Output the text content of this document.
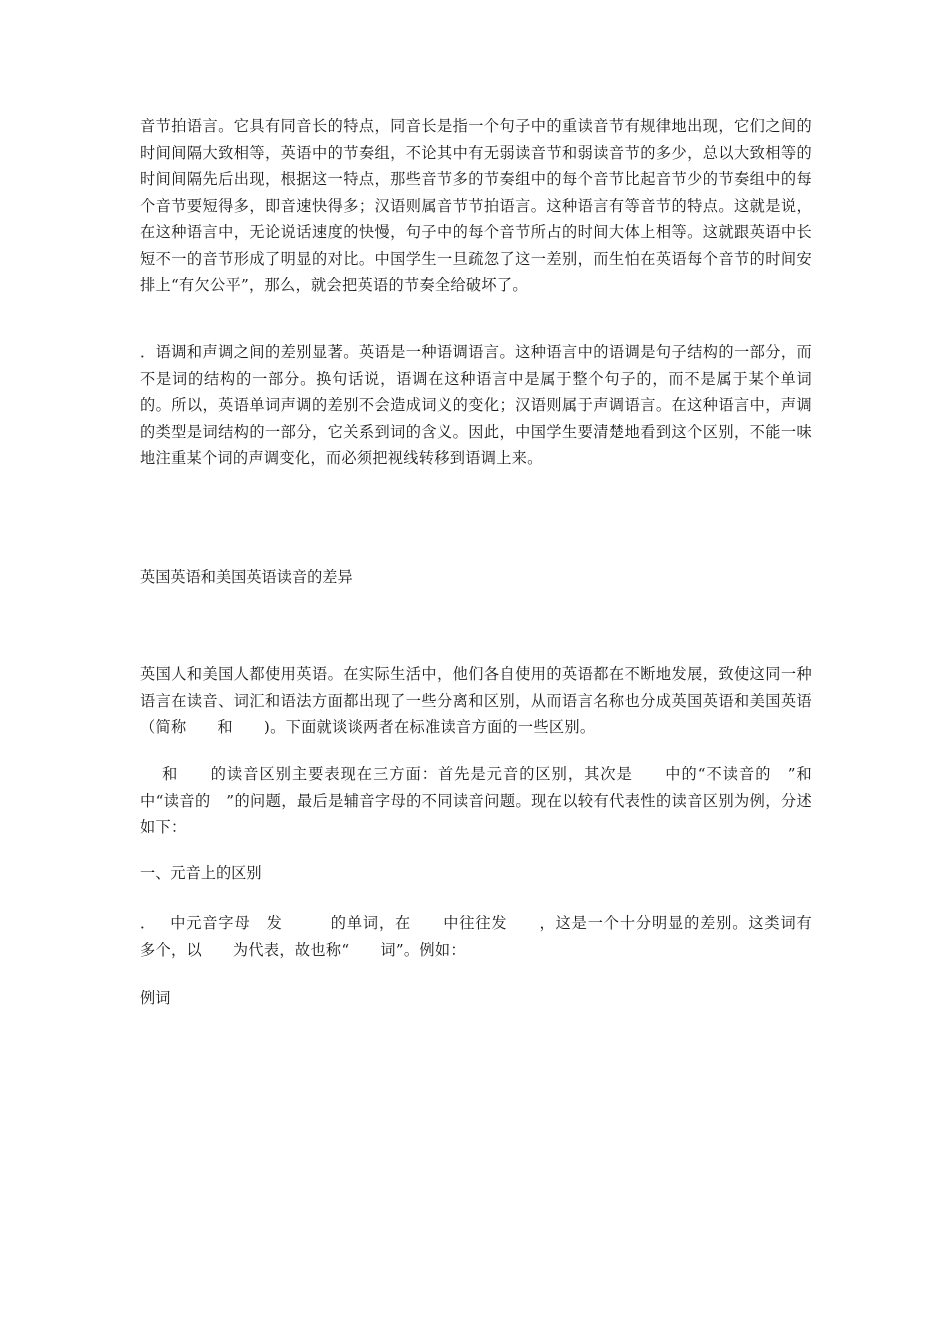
音节拍语言。它具有同音长的特点，同音长是指一个句子中的重读音节有规律地出现，它们之间的时间间隔大致相等，英语中的节奏组，不论其中有无弱读音节和弱读音节的多少，总以大致相等的时间间隔先后出现，根据这一特点，那些音节多的节奏组中的每个音节比起音节少的节奏组中的每个音节要短得多，即音速快得多；汉语则属音节节拍语言。这种语言有等音节的特点。这就是说，在这种语言中，无论说话速度的快慢，句子中的每个音节所占的时间大体上相等。这就跟英语中长短不一的音节形成了明显的对比。中国学生一旦疏忽了这一差别，而生怕在英语每个音节的时间安排上“有欠公平”，那么，就会把英语的节奏全给破坏了。
．语调和声调之间的差别显著。英语是一种语调语言。这种语言中的语调是句子结构的一部分，而不是词的结构的一部分。换句话说，语调在这种语言中是属于整个句子的，而不是属于某个单词的。所以，英语单词声调的差别不会造成词义的变化；汉语则属于声调语言。在这种语言中，声调的类型是词结构的一部分，它关系到词的含义。因此，中国学生要清楚地看到这个区别，不能一味地注重某个词的声调变化，而必须把视线转移到语调上来。
英国英语和美国英语读音的差异
英国人和美国人都使用英语。在实际生活中，他们各自使用的英语都在不断地发展，致使这同一种语言在读音、词汇和语法方面都出现了一些分离和区别，从而语言名称也分成英国英语和美国英语（简称　　和　　)。下面就谈谈两者在标准读音方面的一些区别。
　 和　　的读音区别主要表现在三方面：首先是元音的区别，其次是　　中的“不读音的　”和　　中“读音的　”的问题，最后是辅音字母的不同读音问题。现在以较有代表性的读音区别为例，分述如下：
一、元音上的区别
．　 中元音字母　发　　　的单词，在　　中往往发　　，这是一个十分明显的差别。这类词有　　多个，以　　为代表，故也称“　　词”。例如：
例词
